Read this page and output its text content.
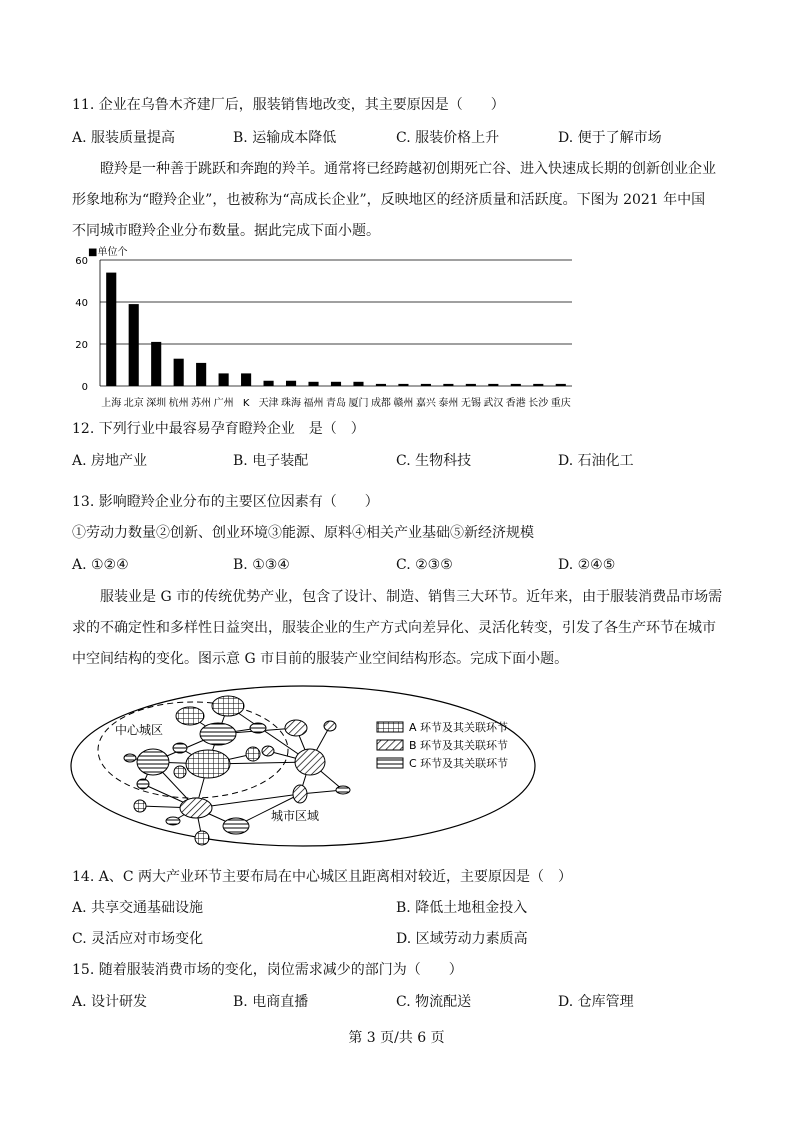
11. 企业在乌鲁木齐建厂后，服装销售地改变，其主要原因是（　　）
A. 服装质量提高	B. 运输成本降低	C. 服装价格上升	D. 便于了解市场
瞪羚是一种善于跳跃和奔跑的羚羊。通常将已经跨越初创期死亡谷、进入快速成长期的创新创业企业
形象地称为“瞪羚企业”，也被称为“高成长企业”，反映地区的经济质量和活跃度。下图为 2021 年中国
不同城市瞪羚企业分布数量。据此完成下面小题。
■单位个
0
20
40
60
上海 北京 深圳 杭州 苏州 广州 K 天津 珠海 福州 青岛 厦门 成都 赣州 嘉兴 泰州 无锡 武汉 香港 长沙 重庆
12. 下列行业中最容易孕育瞪羚企业　是（　）
A. 房地产业	B. 电子装配	C. 生物科技	D. 石油化工
13. 影响瞪羚企业分布的主要区位因素有（　　）
①劳动力数量②创新、创业环境③能源、原料④相关产业基础⑤新经济规模
A. ①②④	B. ①③④	C. ②③⑤	D. ②④⑤
服装业是 G 市的传统优势产业，包含了设计、制造、销售三大环节。近年来，由于服装消费品市场需
求的不确定性和多样性日益突出，服装企业的生产方式向差异化、灵活化转变，引发了各生产环节在城市
中空间结构的变化。图示意 G 市目前的服装产业空间结构形态。完成下面小题。
中心城区
城市区域
A 环节及其关联环节
B 环节及其关联环节
C 环节及其关联环节
14. A、C 两大产业环节主要布局在中心城区且距离相对较近，主要原因是（　）
A. 共享交通基础设施	B. 降低土地租金投入
C. 灵活应对市场变化	D. 区域劳动力素质高
15. 随着服装消费市场的变化，岗位需求减少的部门为（　　）
A. 设计研发	B. 电商直播	C. 物流配送	D. 仓库管理
第 3 页/共 6 页
